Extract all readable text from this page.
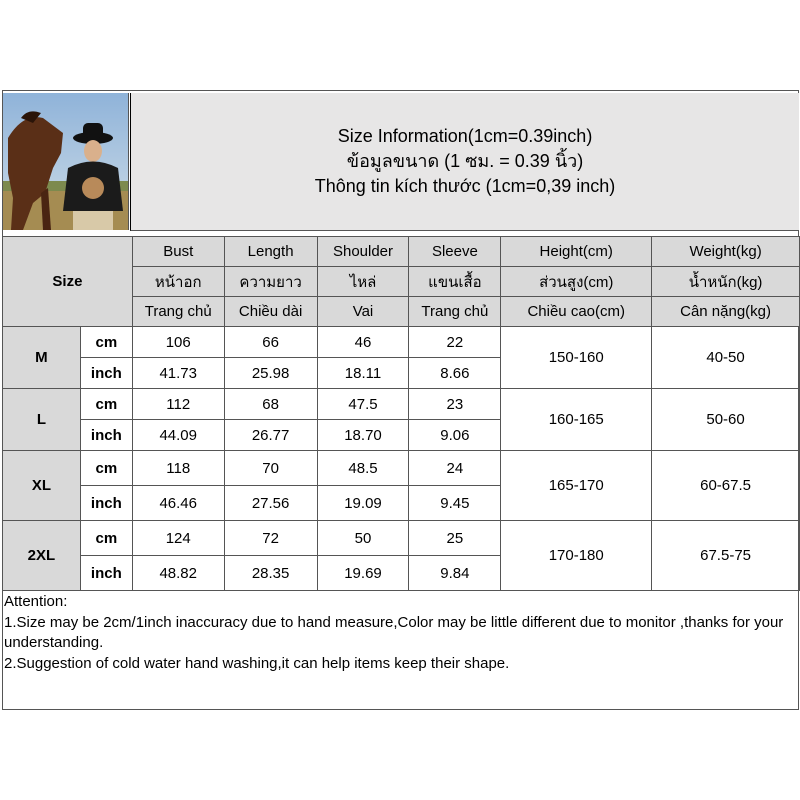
Size Information(1cm=0.39inch)
ข้อมูลขนาด (1 ซม. = 0.39 นิ้ว)
Thông tin kích thước (1cm=0,39 inch)
Size		Bust	Length	Shoulder	Sleeve	Height(cm)	Weight(kg)
		หน้าอก	ความยาว	ไหล่	แขนเสื้อ	ส่วนสูง(cm)	น้ำหนัก(kg)
		Trang chủ	Chiều dài	Vai	Trang chủ	Chiều cao(cm)	Cân nặng(kg)
M	cm	106	66	46	22	150-160	40-50
	inch	41.73	25.98	18.11	8.66		
L	cm	112	68	47.5	23	160-165	50-60
	inch	44.09	26.77	18.70	9.06		
XL	cm	118	70	48.5	24	165-170	60-67.5
	inch	46.46	27.56	19.09	9.45		
2XL	cm	124	72	50	25	170-180	67.5-75
	inch	48.82	28.35	19.69	9.84		

Attention:

1.Size may be 2cm/1inch inaccuracy due to hand measure,Color may be little different due to monitor ,thanks for your understanding.

2.Suggestion of cold water hand washing,it can help items keep their shape.
